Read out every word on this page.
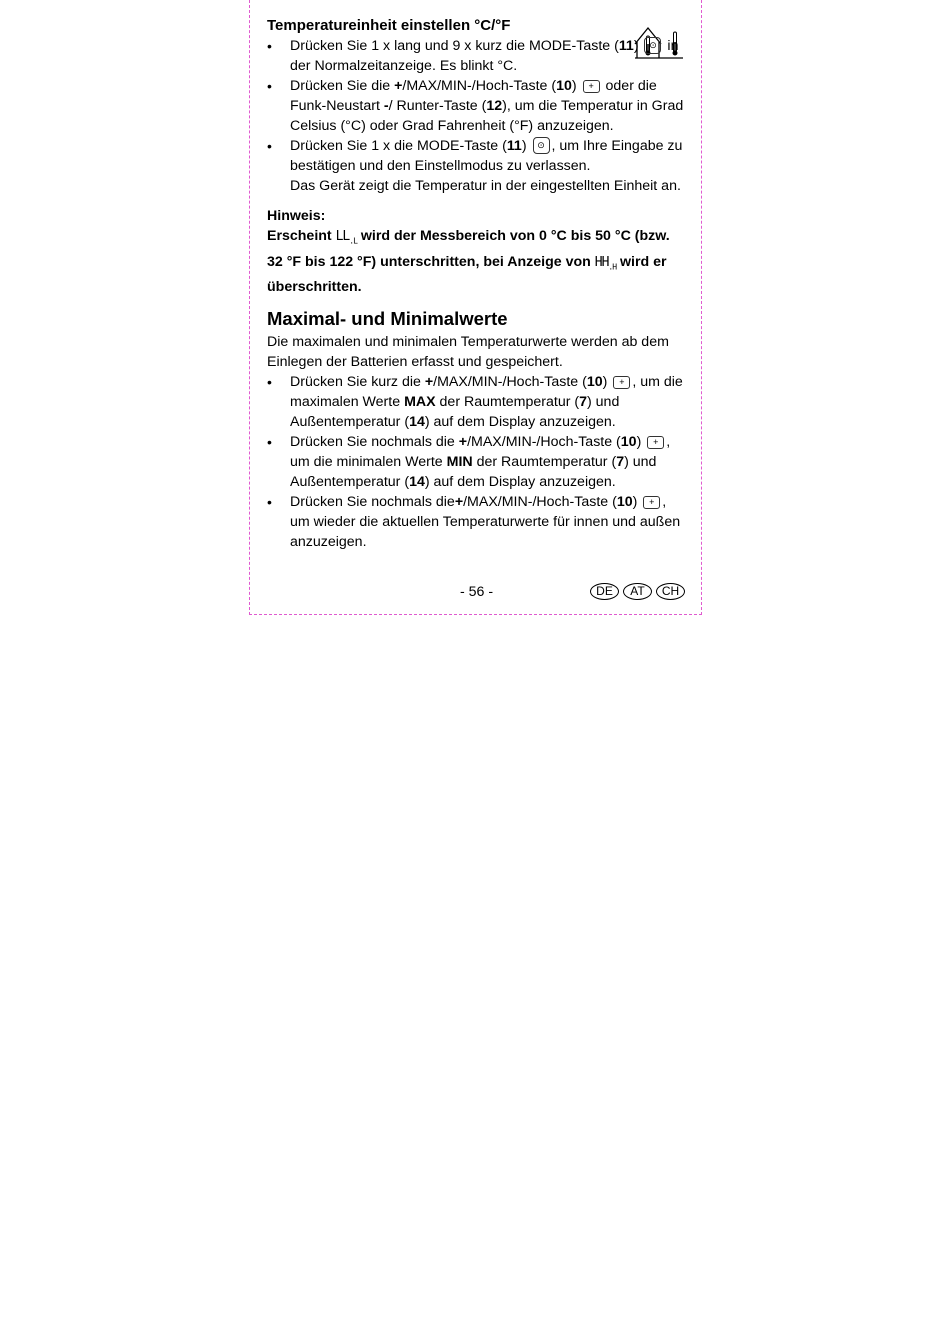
Temperatureinheit einstellen °C/°F
• Drücken Sie 1 x lang und 9 x kurz die MODE-Taste (11) ⊙ in der Normalzeitanzeige. Es blinkt °C.
• Drücken Sie die +/MAX/MIN-/Hoch-Taste (10) + oder die Funk-Neustart -/ Runter-Taste (12), um die Temperatur in Grad Celsius (°C) oder Grad Fahrenheit (°F) anzuzeigen.
• Drücken Sie 1 x die MODE-Taste (11) ⊙ , um Ihre Eingabe zu bestätigen und den Einstellmodus zu verlassen.
Das Gerät zeigt die Temperatur in der eingestellten Einheit an.

Hinweis:

Erscheint $LL_{.L}$ wird der Messbereich von 0 °C bis 50 °C (bzw. 32 °F bis 122 °F) unterschritten, bei Anzeige von $HH_{.H}$ wird er überschritten.

Maximal- und Minimalwerte

Die maximalen und minimalen Temperaturwerte werden ab dem Einlegen der Batterien erfasst und gespeichert.

• Drücken Sie kurz die +/MAX/MIN-/Hoch-Taste (10) + , um die maximalen Werte MAX der Raumtemperatur (7) und Außentemperatur (14) auf dem Display anzuzeigen.
• Drücken Sie nochmals die +/MAX/MIN-/Hoch-Taste (10) + , um die minimalen Werte MIN der Raumtemperatur (7) und Außentemperatur (14) auf dem Display anzuzeigen.
• Drücken Sie nochmals die+/MAX/MIN-/Hoch-Taste (10) + , um wieder die aktuellen Temperaturwerte für innen und außen anzuzeigen.
- 56 -	DE	AT	CH
